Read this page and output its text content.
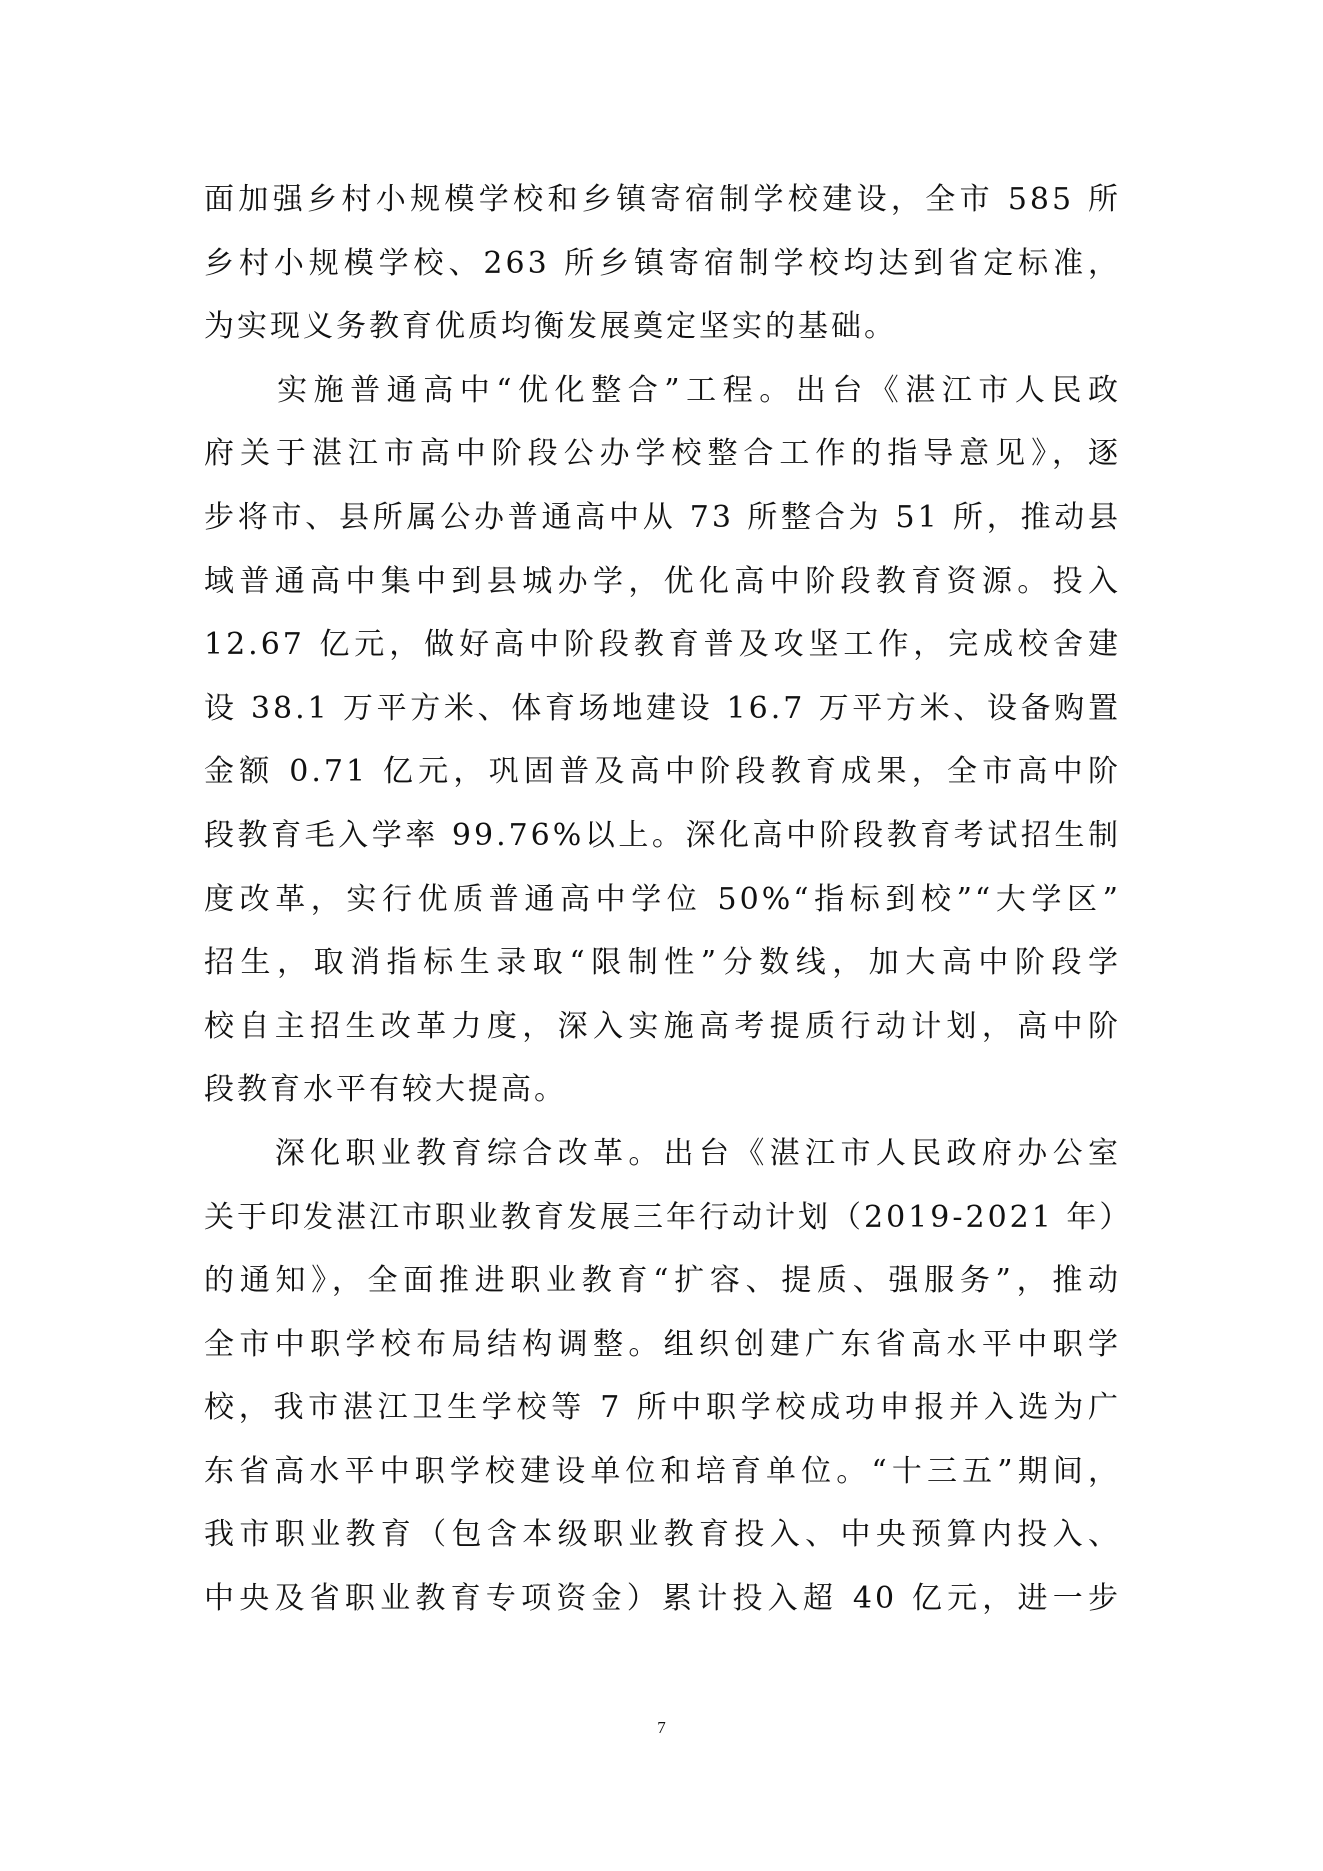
面加强乡村小规模学校和乡镇寄宿制学校建设，全市 585 所
乡村小规模学校、263 所乡镇寄宿制学校均达到省定标准，
为实现义务教育优质均衡发展奠定坚实的基础。
　　实施普通高中“优化整合”工程。出台《湛江市人民政
府关于湛江市高中阶段公办学校整合工作的指导意见》，逐
步将市、县所属公办普通高中从 73 所整合为 51 所，推动县
域普通高中集中到县城办学，优化高中阶段教育资源。投入
12.67 亿元，做好高中阶段教育普及攻坚工作，完成校舍建
设 38.1 万平方米、体育场地建设 16.7 万平方米、设备购置
金额 0.71 亿元，巩固普及高中阶段教育成果，全市高中阶
段教育毛入学率 99.76%以上。深化高中阶段教育考试招生制
度改革，实行优质普通高中学位 50%“指标到校”“大学区”
招生，取消指标生录取“限制性”分数线，加大高中阶段学
校自主招生改革力度，深入实施高考提质行动计划，高中阶
段教育水平有较大提高。
　　深化职业教育综合改革。出台《湛江市人民政府办公室
关于印发湛江市职业教育发展三年行动计划（2019-2021 年）
的通知》，全面推进职业教育“扩容、提质、强服务”，推动
全市中职学校布局结构调整。组织创建广东省高水平中职学
校，我市湛江卫生学校等 7 所中职学校成功申报并入选为广
东省高水平中职学校建设单位和培育单位。“十三五”期间，
我市职业教育（包含本级职业教育投入、中央预算内投入、
中央及省职业教育专项资金）累计投入超 40 亿元，进一步
7
